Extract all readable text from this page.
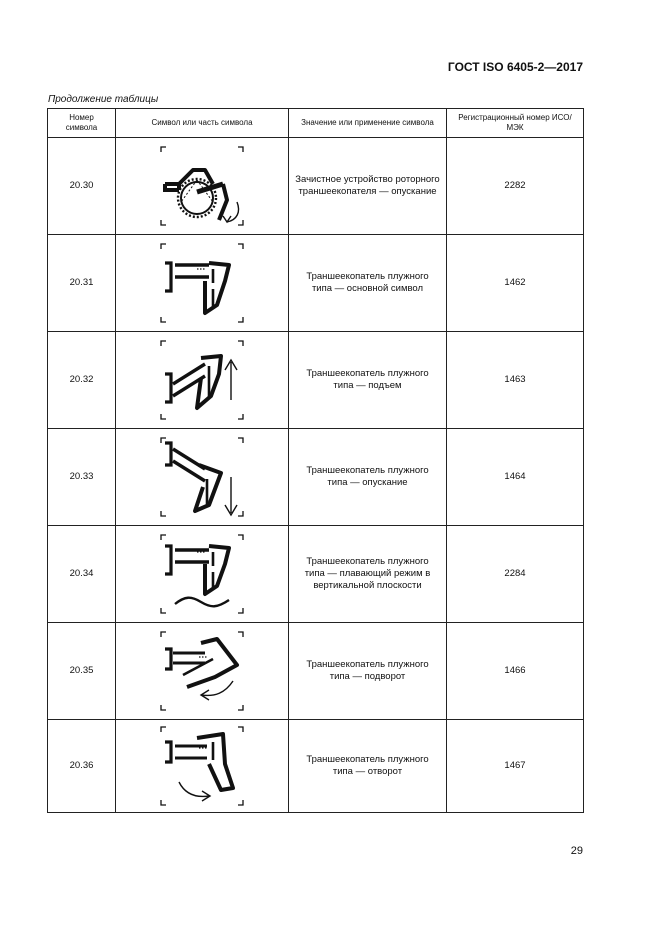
ГОСТ ISO 6405-2—2017
Продолжение таблицы
Номер символа	Символ или часть символа	Значение или применение символа	Регистрационный номер ИСО/МЭК
20.30		Зачистное устройство роторного траншеекопателя — опускание	2282
20.31		Траншеекопатель плужного типа — основной символ	1462
20.32		Траншеекопатель плужного типа — подъем	1463
20.33		Траншеекопатель плужного типа — опускание	1464
20.34		Траншеекопатель плужного типа — плавающий режим в вертикальной плоскости	2284
20.35		Траншеекопатель плужного типа — подворот	1466
20.36		Траншеекопатель плужного типа — отворот	1467
29
